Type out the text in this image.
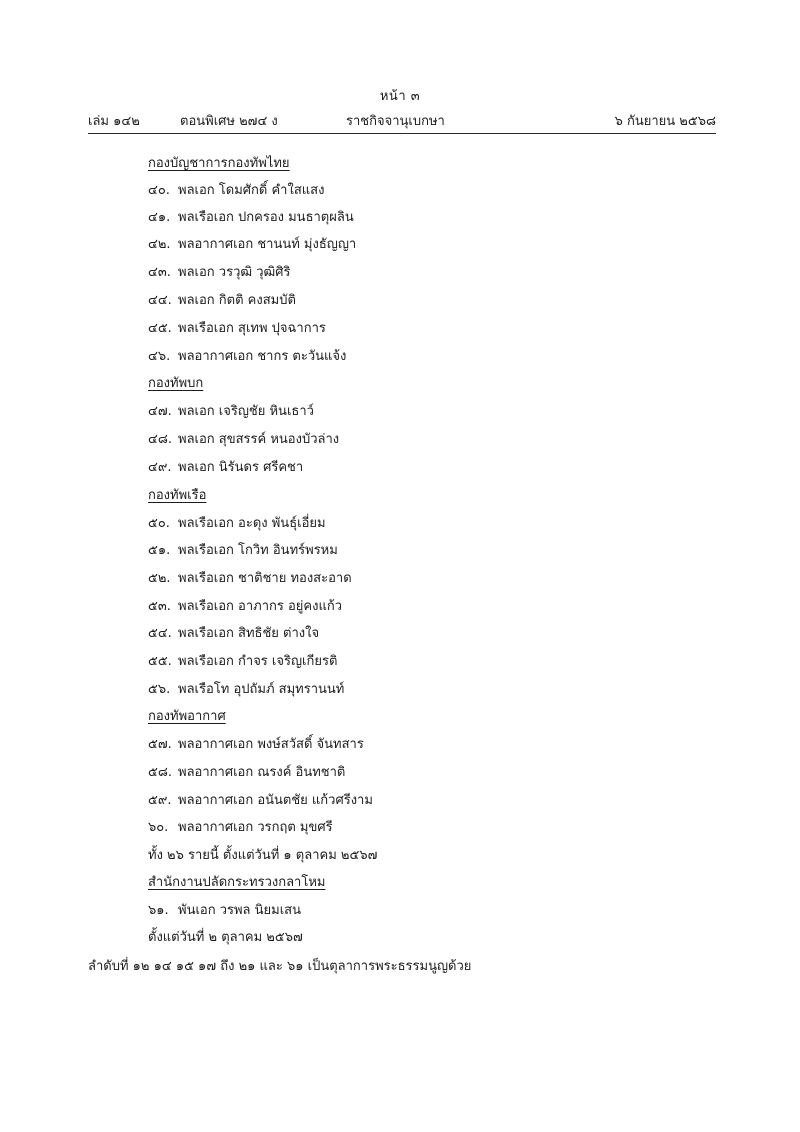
หน้า ๓
เล่ม ๑๔๒	ตอนพิเศษ ๒๗๔ ง	ราชกิจจานุเบกษา	๖ กันยายน ๒๕๖๘
กองบัญชาการกองทัพไทย
๔๐. พลเอก โดมศักดิ์ คำใสแสง
๔๑. พลเรือเอก ปกครอง มนธาตุผลิน
๔๒. พลอากาศเอก ชานนท์ มุ่งธัญญา
๔๓. พลเอก วรวุฒิ วุฒิศิริ
๔๔. พลเอก กิตติ คงสมบัติ
๔๕. พลเรือเอก สุเทพ ปุจฉาการ
๔๖. พลอากาศเอก ชากร ตะวันแจ้ง
กองทัพบก
๔๗. พลเอก เจริญชัย หินเธาว์
๔๘. พลเอก สุขสรรค์ หนองบัวล่าง
๔๙. พลเอก นิรันดร ศรีคชา
กองทัพเรือ
๕๐. พลเรือเอก อะดุง พันธุ์เอี่ยม
๕๑. พลเรือเอก โกวิท อินทร์พรหม
๕๒. พลเรือเอก ชาติชาย ทองสะอาด
๕๓. พลเรือเอก อาภากร อยู่คงแก้ว
๕๔. พลเรือเอก สิทธิชัย ต่างใจ
๕๕. พลเรือเอก กำจร เจริญเกียรติ
๕๖. พลเรือโท อุปถัมภ์ สมุทรานนท์
กองทัพอากาศ
๕๗. พลอากาศเอก พงษ์สวัสดิ์ จันทสาร
๕๘. พลอากาศเอก ณรงค์ อินทชาติ
๕๙. พลอากาศเอก อนันตชัย แก้วศรีงาม
๖๐. พลอากาศเอก วรกฤต มุขศรี
ทั้ง ๒๖ รายนี้ ตั้งแต่วันที่ ๑ ตุลาคม ๒๕๖๗
สำนักงานปลัดกระทรวงกลาโหม
๖๑. พันเอก วรพล นิยมเสน
ตั้งแต่วันที่ ๒ ตุลาคม ๒๕๖๗
ลำดับที่ ๑๒ ๑๔ ๑๕ ๑๗ ถึง ๒๑ และ ๖๑ เป็นตุลาการพระธรรมนูญด้วย
